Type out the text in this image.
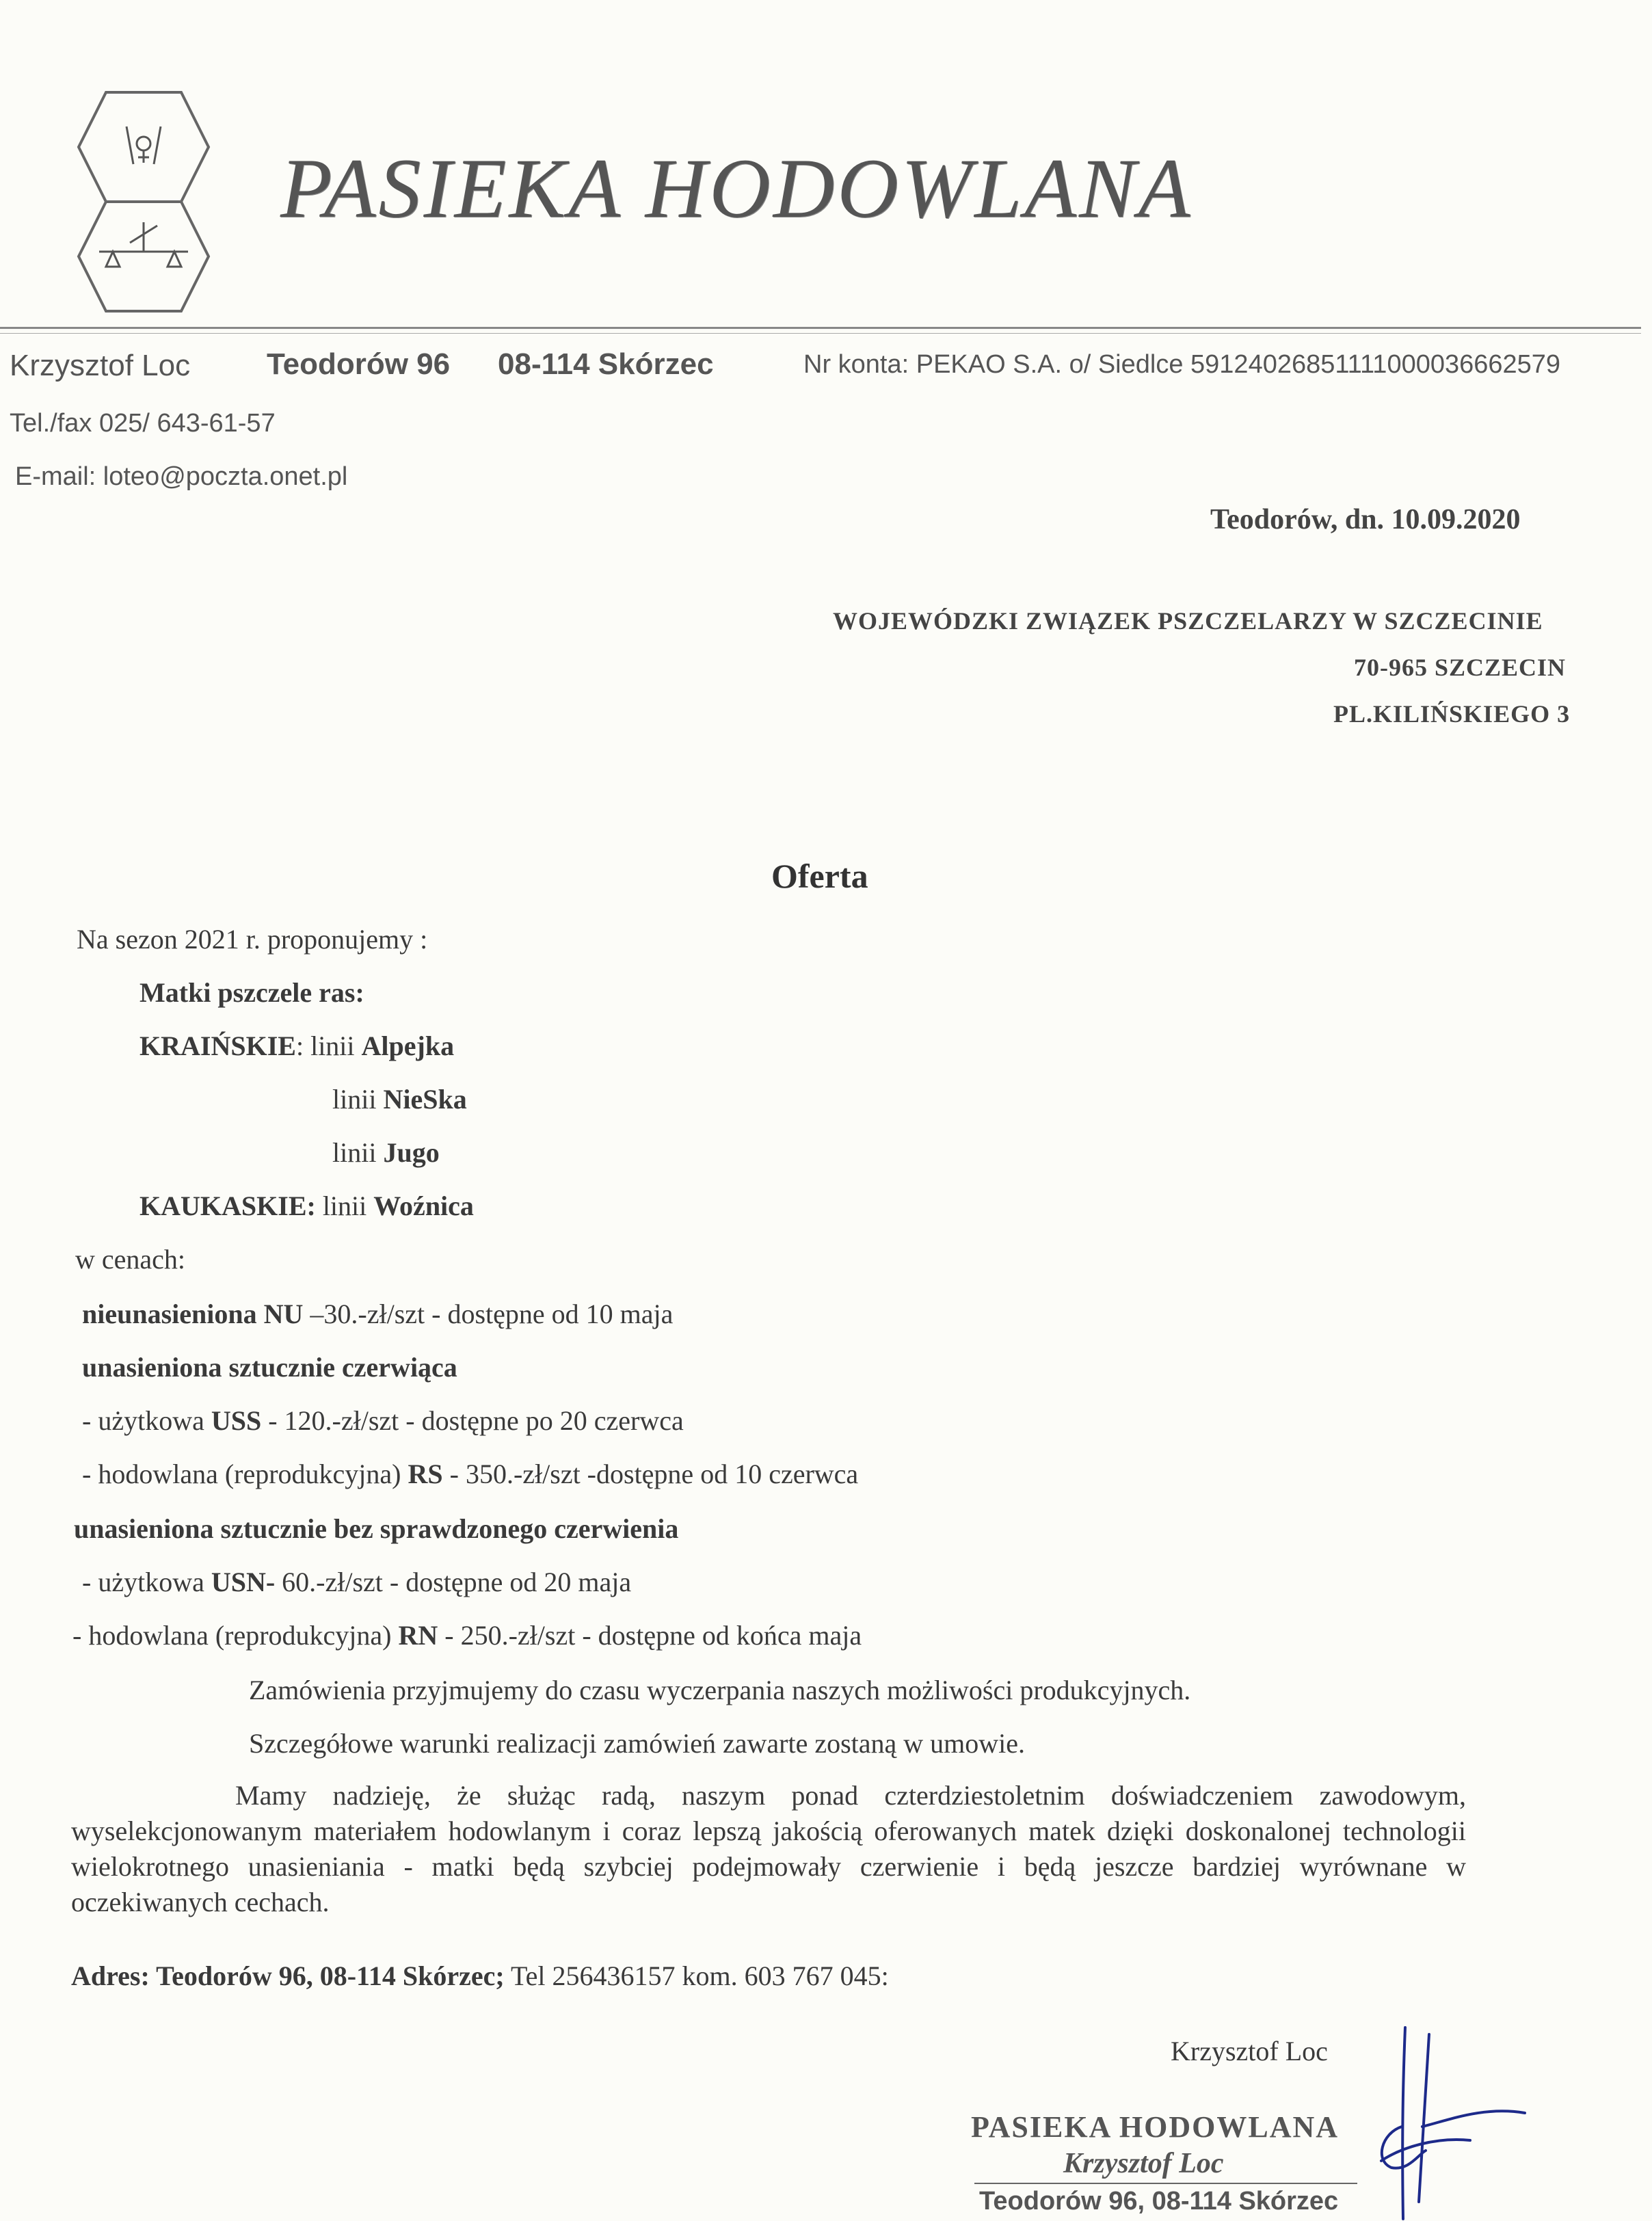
PASIEKA HODOWLANA
Krzysztof Loc	Teodorów 96 08-114 Skórzec	Nr konta: PEKAO S.A. o/ Siedlce 59124026851111000036662579
Tel./fax 025/ 643-61-57
E-mail: loteo@poczta.onet.pl
Teodorów, dn. 10.09.2020
WOJEWÓDZKI ZWIĄZEK PSZCZELARZY W SZCZECINIE
70-965 SZCZECIN
PL.KILIŃSKIEGO 3
Oferta
Na sezon 2021 r. proponujemy :
Matki pszczele ras:
KRAIŃSKIE: linii Alpejka
linii NieSka
linii Jugo
KAUKASKIE: linii Woźnica
w cenach:
nieunasieniona NU –30.-zł/szt - dostępne od 10 maja
unasieniona sztucznie czerwiąca
- użytkowa USS - 120.-zł/szt - dostępne po 20 czerwca
- hodowlana (reprodukcyjna) RS - 350.-zł/szt -dostępne od 10 czerwca
unasieniona sztucznie bez sprawdzonego czerwienia
- użytkowa USN- 60.-zł/szt - dostępne od 20 maja
- hodowlana (reprodukcyjna) RN - 250.-zł/szt - dostępne od końca maja
Zamówienia przyjmujemy do czasu wyczerpania naszych możliwości produkcyjnych.
Szczegółowe warunki realizacji zamówień zawarte zostaną w umowie.
Mamy nadzieję, że służąc radą, naszym ponad czterdziestoletnim doświadczeniem zawodowym, wyselekcjonowanym materiałem hodowlanym i coraz lepszą jakością oferowanych matek dzięki doskonalonej technologii wielokrotnego unasieniania - matki będą szybciej podejmowały czerwienie i będą jeszcze bardziej wyrównane w oczekiwanych cechach.
Adres: Teodorów 96, 08-114 Skórzec; Tel 256436157 kom. 603 767 045:
Krzysztof Loc
PASIEKA HODOWLANA
Krzysztof Loc
Teodorów 96, 08-114 Skórzec
